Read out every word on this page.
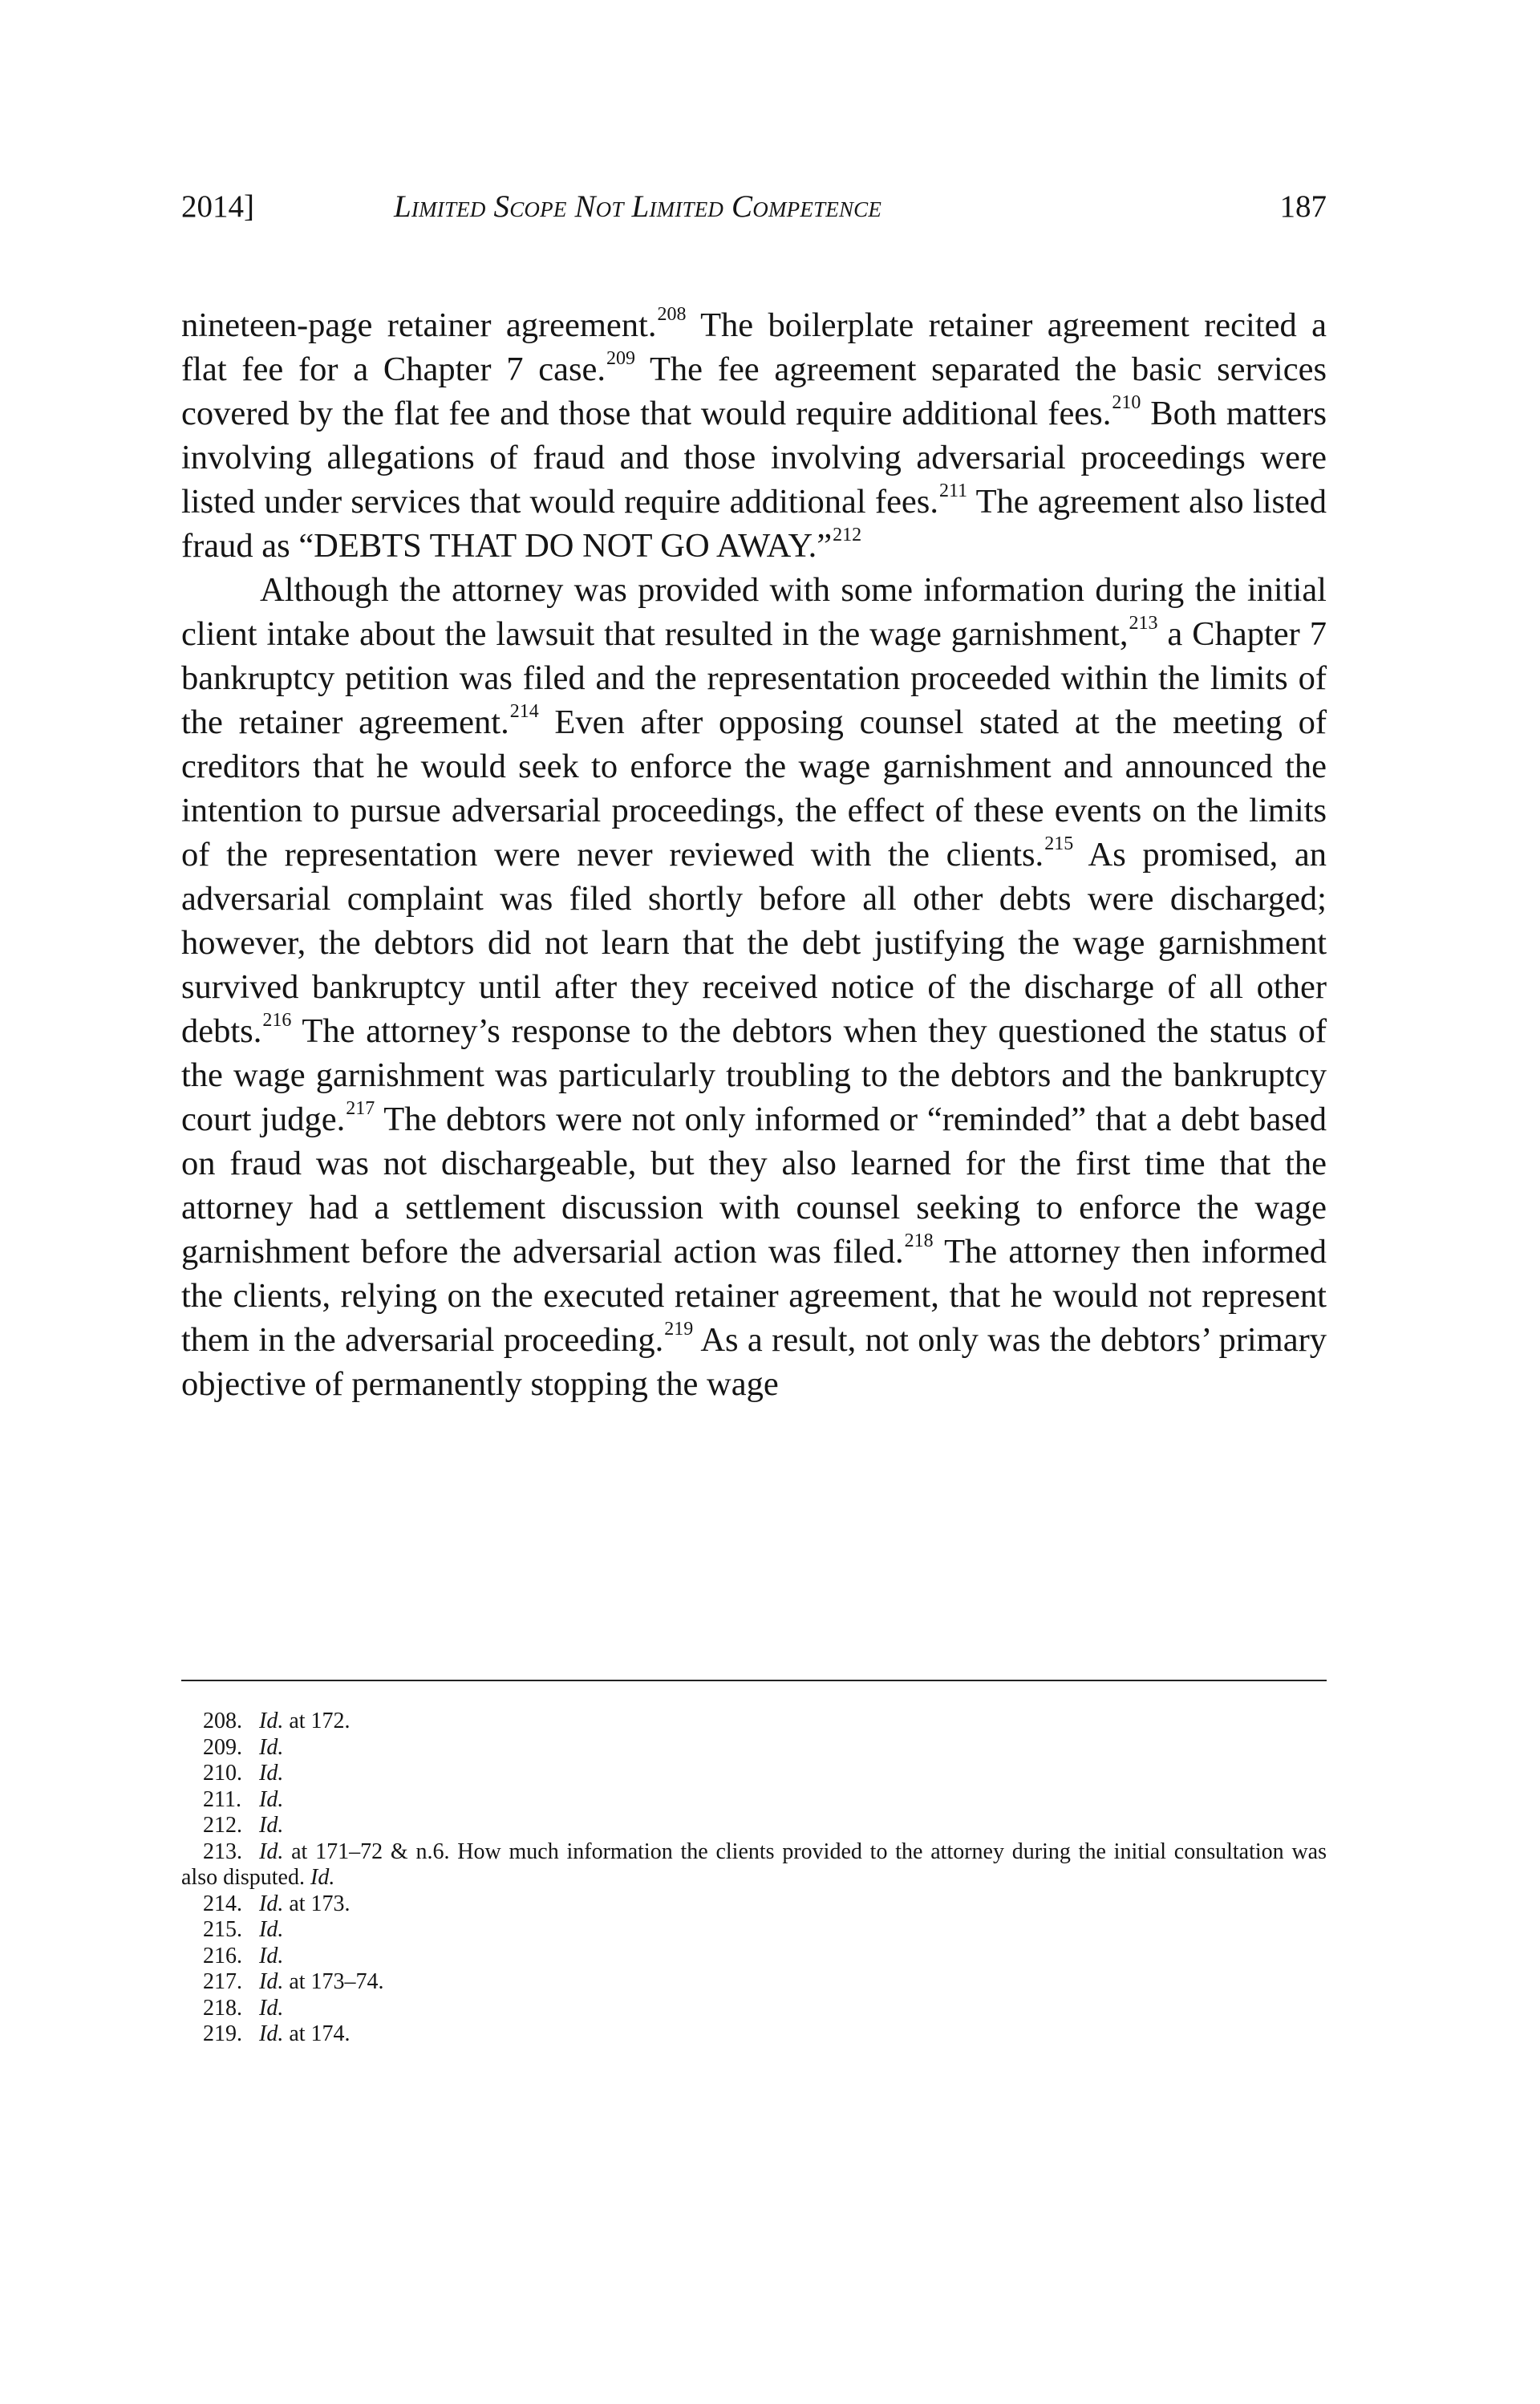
2014]	Limited Scope Not Limited Competence	187

nineteen-page retainer agreement.$^{208}$ The boilerplate retainer agreement recited a flat fee for a Chapter 7 case.$^{209}$ The fee agreement separated the basic services covered by the flat fee and those that would require additional fees.$^{210}$ Both matters involving allegations of fraud and those involving adversarial proceedings were listed under services that would require additional fees.$^{211}$ The agreement also listed fraud as “DEBTS THAT DO NOT GO AWAY.”$^{212}$

Although the attorney was provided with some information during the initial client intake about the lawsuit that resulted in the wage garnishment,$^{213}$ a Chapter 7 bankruptcy petition was filed and the representation proceeded within the limits of the retainer agreement.$^{214}$ Even after opposing counsel stated at the meeting of creditors that he would seek to enforce the wage garnishment and announced the intention to pursue adversarial proceedings, the effect of these events on the limits of the representation were never reviewed with the clients.$^{215}$ As promised, an adversarial complaint was filed shortly before all other debts were discharged; however, the debtors did not learn that the debt justifying the wage garnishment survived bankruptcy until after they received notice of the discharge of all other debts.$^{216}$ The attorney’s response to the debtors when they questioned the status of the wage garnishment was particularly troubling to the debtors and the bankruptcy court judge.$^{217}$ The debtors were not only informed or “reminded” that a debt based on fraud was not dischargeable, but they also learned for the first time that the attorney had a settlement discussion with counsel seeking to enforce the wage garnishment before the adversarial action was filed.$^{218}$ The attorney then informed the clients, relying on the executed retainer agreement, that he would not represent them in the adversarial proceeding.$^{219}$ As a result, not only was the debtors’ primary objective of permanently stopping the wage

208. Id. at 172.

209. Id.

210. Id.

211. Id.

212. Id.

213. Id. at 171–72 & n.6. How much information the clients provided to the attorney during the initial consultation was also disputed. Id.

214. Id. at 173.

215. Id.

216. Id.

217. Id. at 173–74.

218. Id.

219. Id. at 174.
